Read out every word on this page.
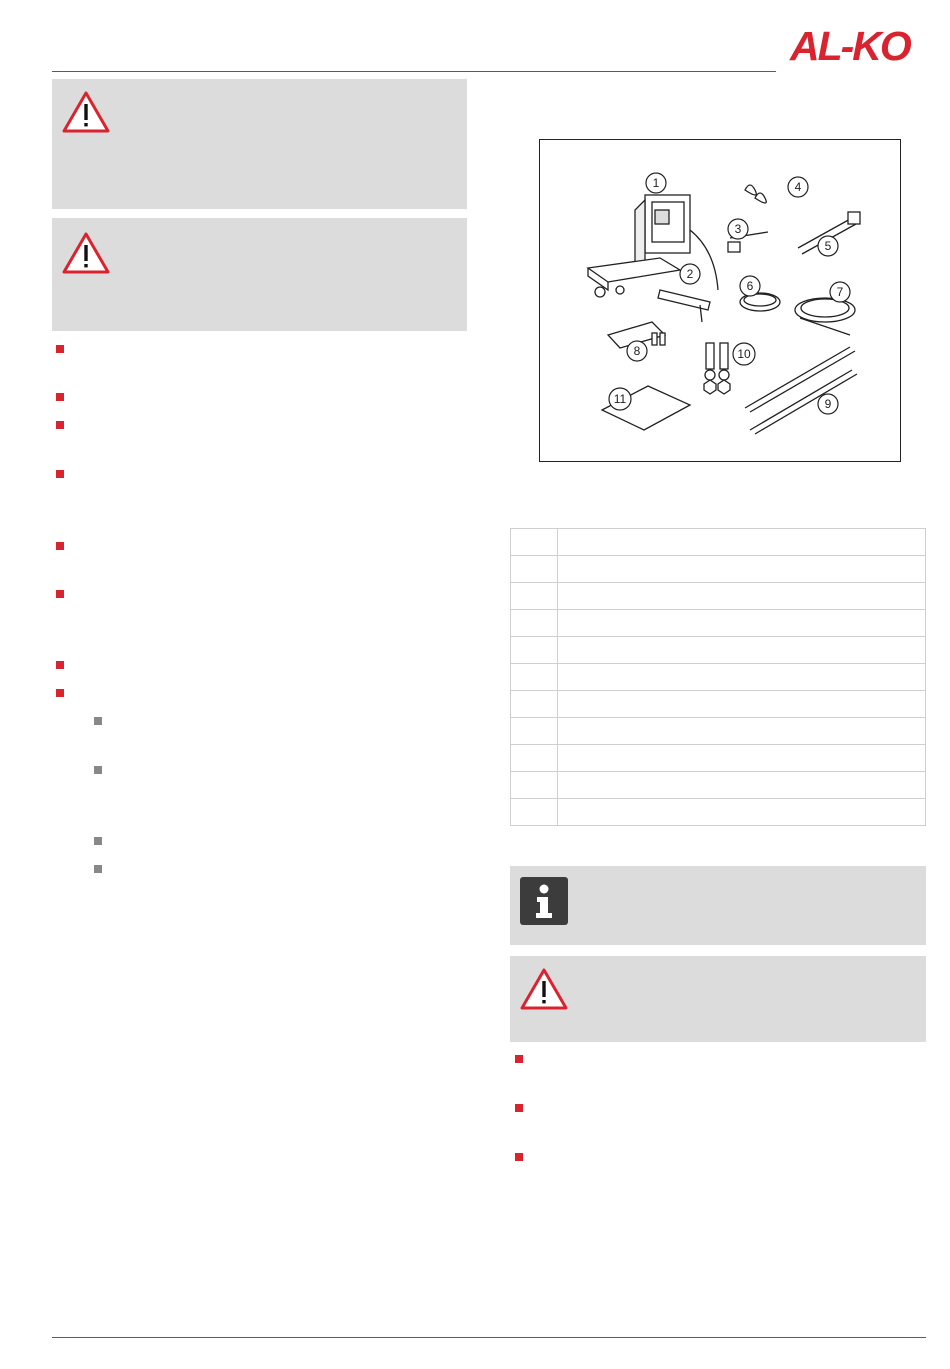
AL-KO
1
2
3
4
5
6	7
8
9
10
11
